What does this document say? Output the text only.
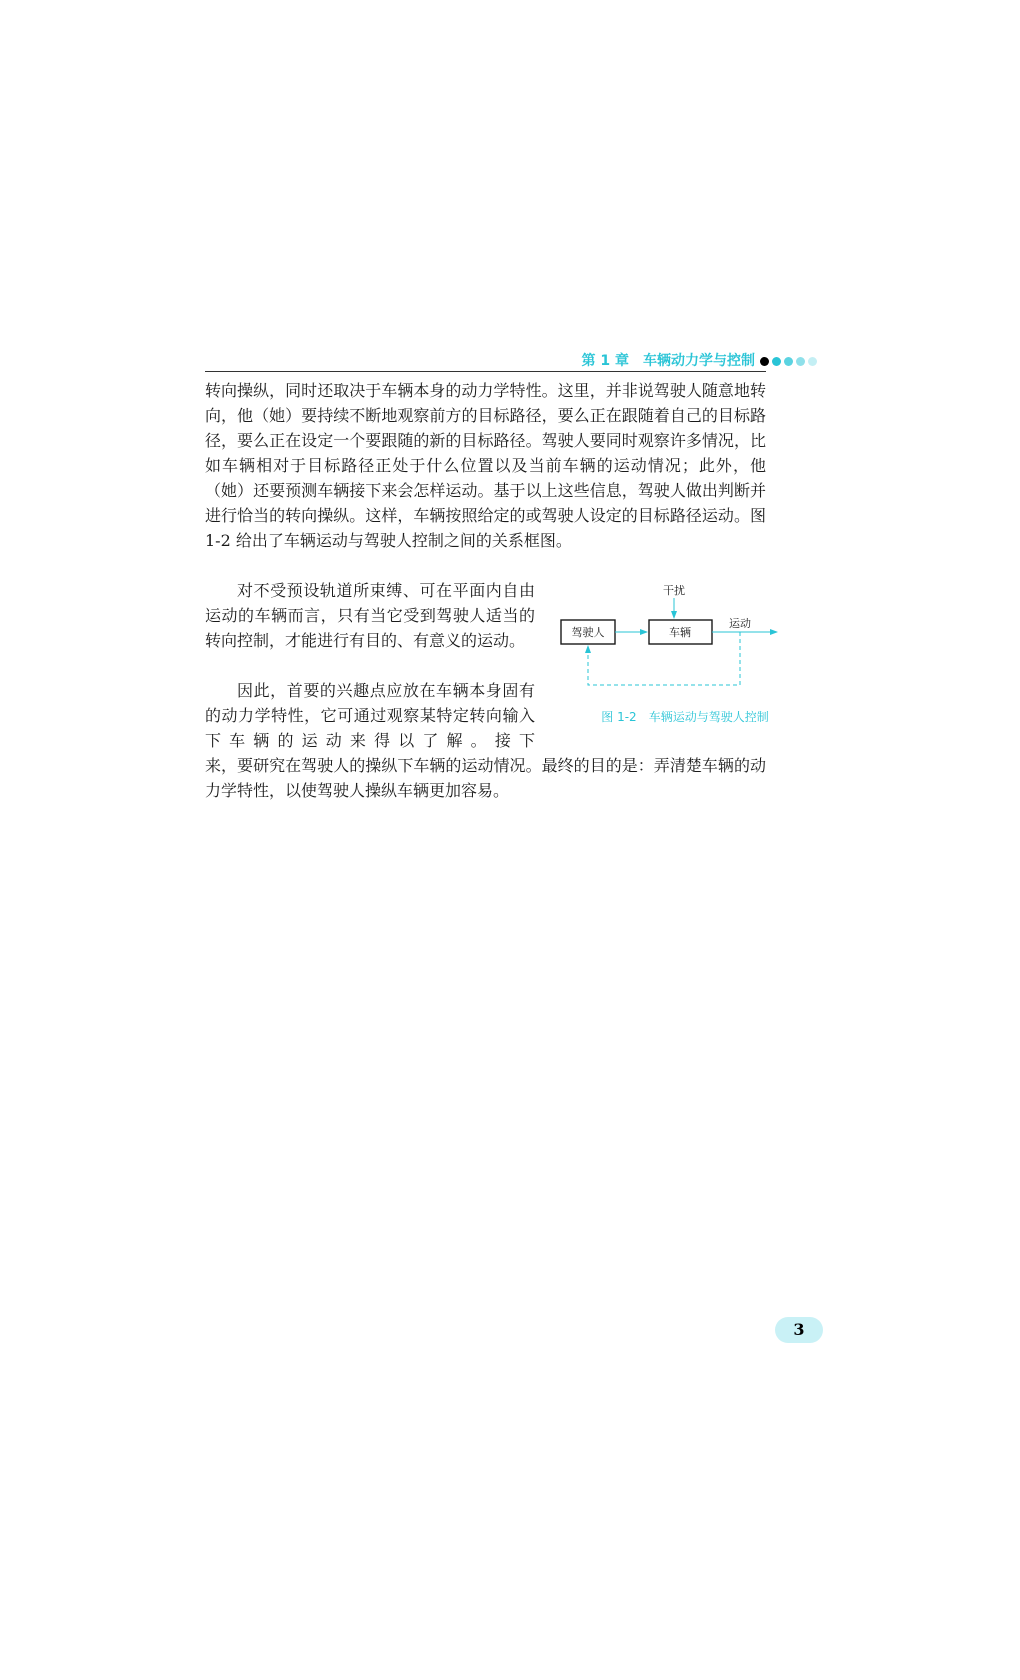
第 1 章　车辆动力学与控制

转向操纵，同时还取决于车辆本身的动力学特性。这里，并非说驾驶人随意地转向，他（她）要持续不断地观察前方的目标路径，要么正在跟随着自己的目标路径，要么正在设定一个要跟随的新的目标路径。驾驶人要同时观察许多情况，比如车辆相对于目标路径正处于什么位置以及当前车辆的运动情况；此外，他（她）还要预测车辆接下来会怎样运动。基于以上这些信息，驾驶人做出判断并进行恰当的转向操纵。这样，车辆按照给定的或驾驶人设定的目标路径运动。图 1-2 给出了车辆运动与驾驶人控制之间的关系框图。

对不受预设轨道所束缚、可在平面内自由运动的车辆而言，只有当它受到驾驶人适当的转向控制，才能进行有目的、有意义的运动。

因此，首要的兴趣点应放在车辆本身固有的动力学特性，它可通过观察某特定转向输入下车辆的运动来得以了解。接下

来，要研究在驾驶人的操纵下车辆的运动情况。最终的目的是：弄清楚车辆的动力学特性，以使驾驶人操纵车辆更加容易。

干扰
驾驶人	车辆
运动
图 1-2　车辆运动与驾驶人控制
3
